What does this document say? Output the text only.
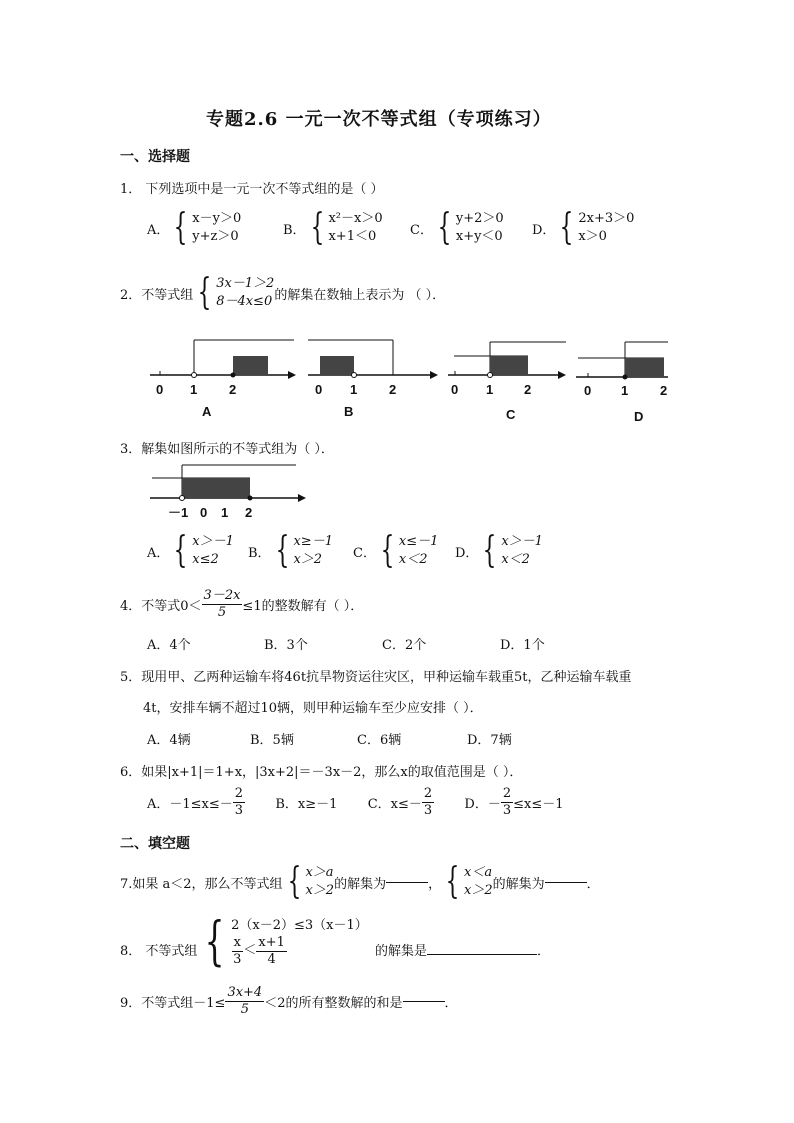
专题2.6 一元一次不等式组（专项练习）
一、选择题
1． 下列选项中是一元一次不等式组的是（ ）
A． { x－y＞0
y+z＞0	B． { x²－x＞0
x+1＜0	C． { y+2＞0
x+y＜0 D． { 2x+3＞0
x＞0
2．不等式组 { 3x－1＞2
8－4x≤0 的解集在数轴上表示为 （ ）．
0 1 2
A
0 1 2
B
0 1 2
C
0 1 2
D
3．解集如图所示的不等式组为（ ）．
－1 0 1 2
A． { x＞－1
x≤2	B． { x≥－1
x＞2	C． { x≤－1
x＜2	D． { x＞－1
x＜2
4．不等式$0< \frac{3-2x}{5} \le 1$的整数解有（ ）．
A．4个	B．3个	C．2个	D．1个
5．现用甲、乙两种运输车将46t抗旱物资运往灾区，甲种运输车载重5t，乙种运输车载重
4t，安排车辆不超过10辆，则甲种运输车至少应安排（ ）．
A．4辆	B．5辆	C．6辆	D．7辆
6．如果|x+1|＝1+x，|3x+2|＝－3x－2，那么x的取值范围是（ ）．
A．$-1\le x\le- \frac{2}{3}$ B．x≥－1 C．$x\le- \frac{2}{3}$ D．－ $\frac{2}{3} \le x\le-1$
二、填空题
7.如果 a＜2，那么不等式组 { x＞a
x＞2 的解集为	， { x＜a
x＞2 的解集为	．
8． 不等式组 { 2（x－2）≤3（x－1）
$\frac{x}{3} < \frac{x+1}{4}$	的解集是	．
9．不等式组$-1\le \frac{3x+4}{5} <2$的所有整数解的和是	．
